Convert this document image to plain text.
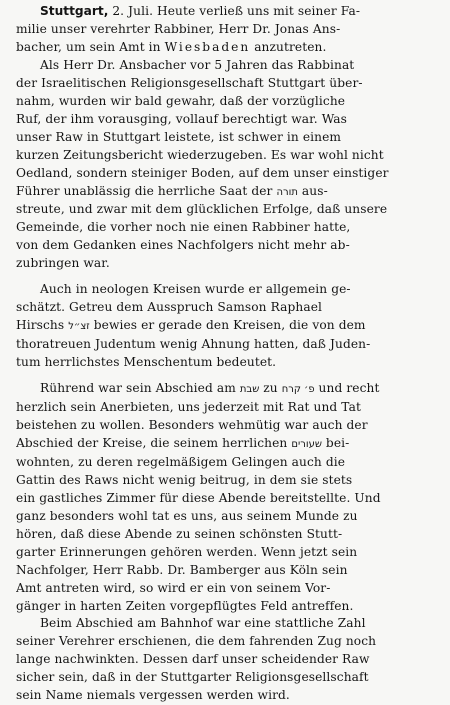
Stuttgart, 2. Juli. Heute verließ uns mit seiner Fa-
milie unser verehrter Rabbiner, Herr Dr. Jonas Ans-
bacher, um sein Amt in Wiesbaden anzutreten.
Als Herr Dr. Ansbacher vor 5 Jahren das Rabbinat
der Israelitischen Religionsgesellschaft Stuttgart über-
nahm, wurden wir bald gewahr, daß der vorzügliche
Ruf, der ihm vorausging, vollauf berechtigt war. Was
unser Raw in Stuttgart leistete, ist schwer in einem
kurzen Zeitungsbericht wiederzugeben. Es war wohl nicht
Oedland, sondern steiniger Boden, auf dem unser einstiger
Führer unablässig die herrliche Saat der תורה aus-
streute, und zwar mit dem glücklichen Erfolge, daß unsere
Gemeinde, die vorher noch nie einen Rabbiner hatte,
von dem Gedanken eines Nachfolgers nicht mehr ab-
zubringen war.
Auch in neologen Kreisen wurde er allgemein ge-
schätzt. Getreu dem Ausspruch Samson Raphael
Hirschs זצ״ל bewies er gerade den Kreisen, die von dem
thoratreuen Judentum wenig Ahnung hatten, daß Juden-
tum herrlichstes Menschentum bedeutet.
Rührend war sein Abschied am שבת zu פ׳ קרח und recht
herzlich sein Anerbieten, uns jederzeit mit Rat und Tat
beistehen zu wollen. Besonders wehmütig war auch der
Abschied der Kreise, die seinem herrlichen שעורים bei-
wohnten, zu deren regelmäßigem Gelingen auch die
Gattin des Raws nicht wenig beitrug, in dem sie stets
ein gastliches Zimmer für diese Abende bereitstellte. Und
ganz besonders wohl tat es uns, aus seinem Munde zu
hören, daß diese Abende zu seinen schönsten Stutt-
garter Erinnerungen gehören werden. Wenn jetzt sein
Nachfolger, Herr Rabb. Dr. Bamberger aus Köln sein
Amt antreten wird, so wird er ein von seinem Vor-
gänger in harten Zeiten vorgepflügtes Feld antreffen.
Beim Abschied am Bahnhof war eine stattliche Zahl
seiner Verehrer erschienen, die dem fahrenden Zug noch
lange nachwinkten. Dessen darf unser scheidender Raw
sicher sein, daß in der Stuttgarter Religionsgesellschaft
sein Name niemals vergessen werden wird.
